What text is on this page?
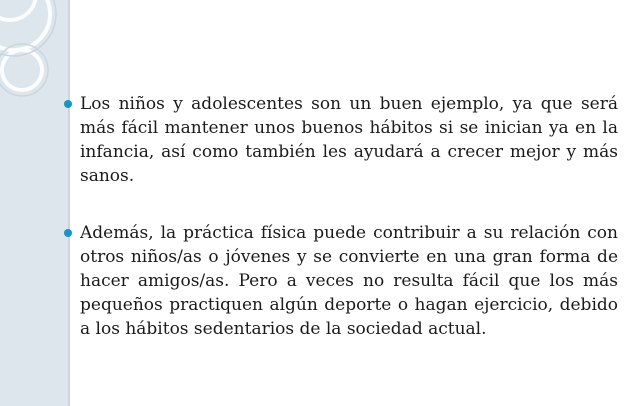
Los niños y adolescentes son un buen ejemplo, ya que será más fácil mantener unos buenos hábitos si se inician ya en la infancia, así como también les ayudará a crecer mejor y más sanos.

Además, la práctica física puede contribuir a su relación con otros niños/as o jóvenes y se convierte en una gran forma de hacer amigos/as. Pero a veces no resulta fácil que los más pequeños practiquen algún deporte o hagan ejercicio, debido a los hábitos sedentarios de la sociedad actual.
